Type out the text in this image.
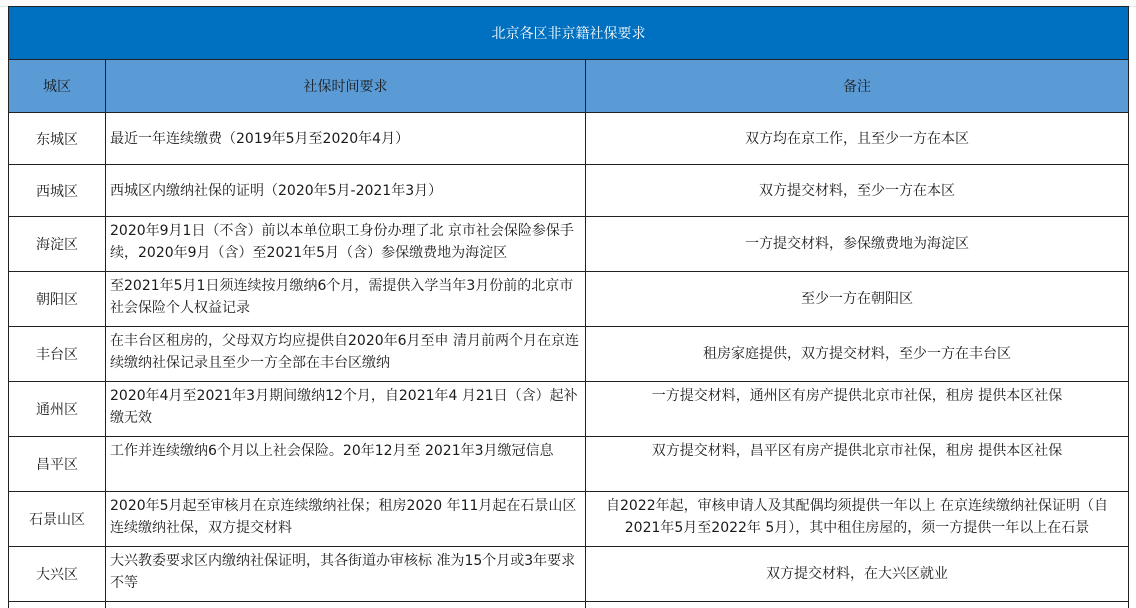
北京各区非京籍社保要求		
城区	社保时间要求	备注
东城区	最近一年连续缴费（2019年5月至2020年4月）	双方均在京工作，且至少一方在本区
西城区	西城区内缴纳社保的证明（2020年5月-2021年3月）	双方提交材料，至少一方在本区
海淀区	2020年9月1日（不含）前以本单位职工身份办理了北 京市社会保险参保手续，2020年9月（含）至2021年5月（含）参保缴费地为海淀区	一方提交材料，参保缴费地为海淀区
朝阳区	至2021年5月1日须连续按月缴纳6个月，需提供入学当年3月份前的北京市社会保险个人权益记录	至少一方在朝阳区
丰台区	在丰台区租房的，父母双方均应提供自2020年6月至申 清月前两个月在京连续缴纳社保记录且至少一方全部在丰台区缴纳	租房家庭提供，双方提交材料，至少一方在丰台区
通州区	2020年4月至2021年3月期间缴纳12个月，自2021年4 月21日（含）起补缴无效	一方提交材料，通州区有房产提供北京市社保，租房 提供本区社保

昌平区	工作并连续缴纳6个月以上社会保险。20年12月至 2021年3月缴冠信息	双方提交材料，昌平区有房产提供北京市社保，租房 提供本区社保

石景山区	2020年5月起至审核月在京连续缴纳社保；租房2020 年11月起在石景山区连续缴纳社保，双方提交材料	自2022年起，审核申请人及其配偶均须提供一年以上 在京连续缴纳社保证明（自2021年5月至2022年 5月），其中租住房屋的，须一方提供一年以上在石景

大兴区	大兴教委要求区内缴纳社保证明，其各街道办审核标 准为15个月或3年要求不等	双方提交材料，在大兴区就业
